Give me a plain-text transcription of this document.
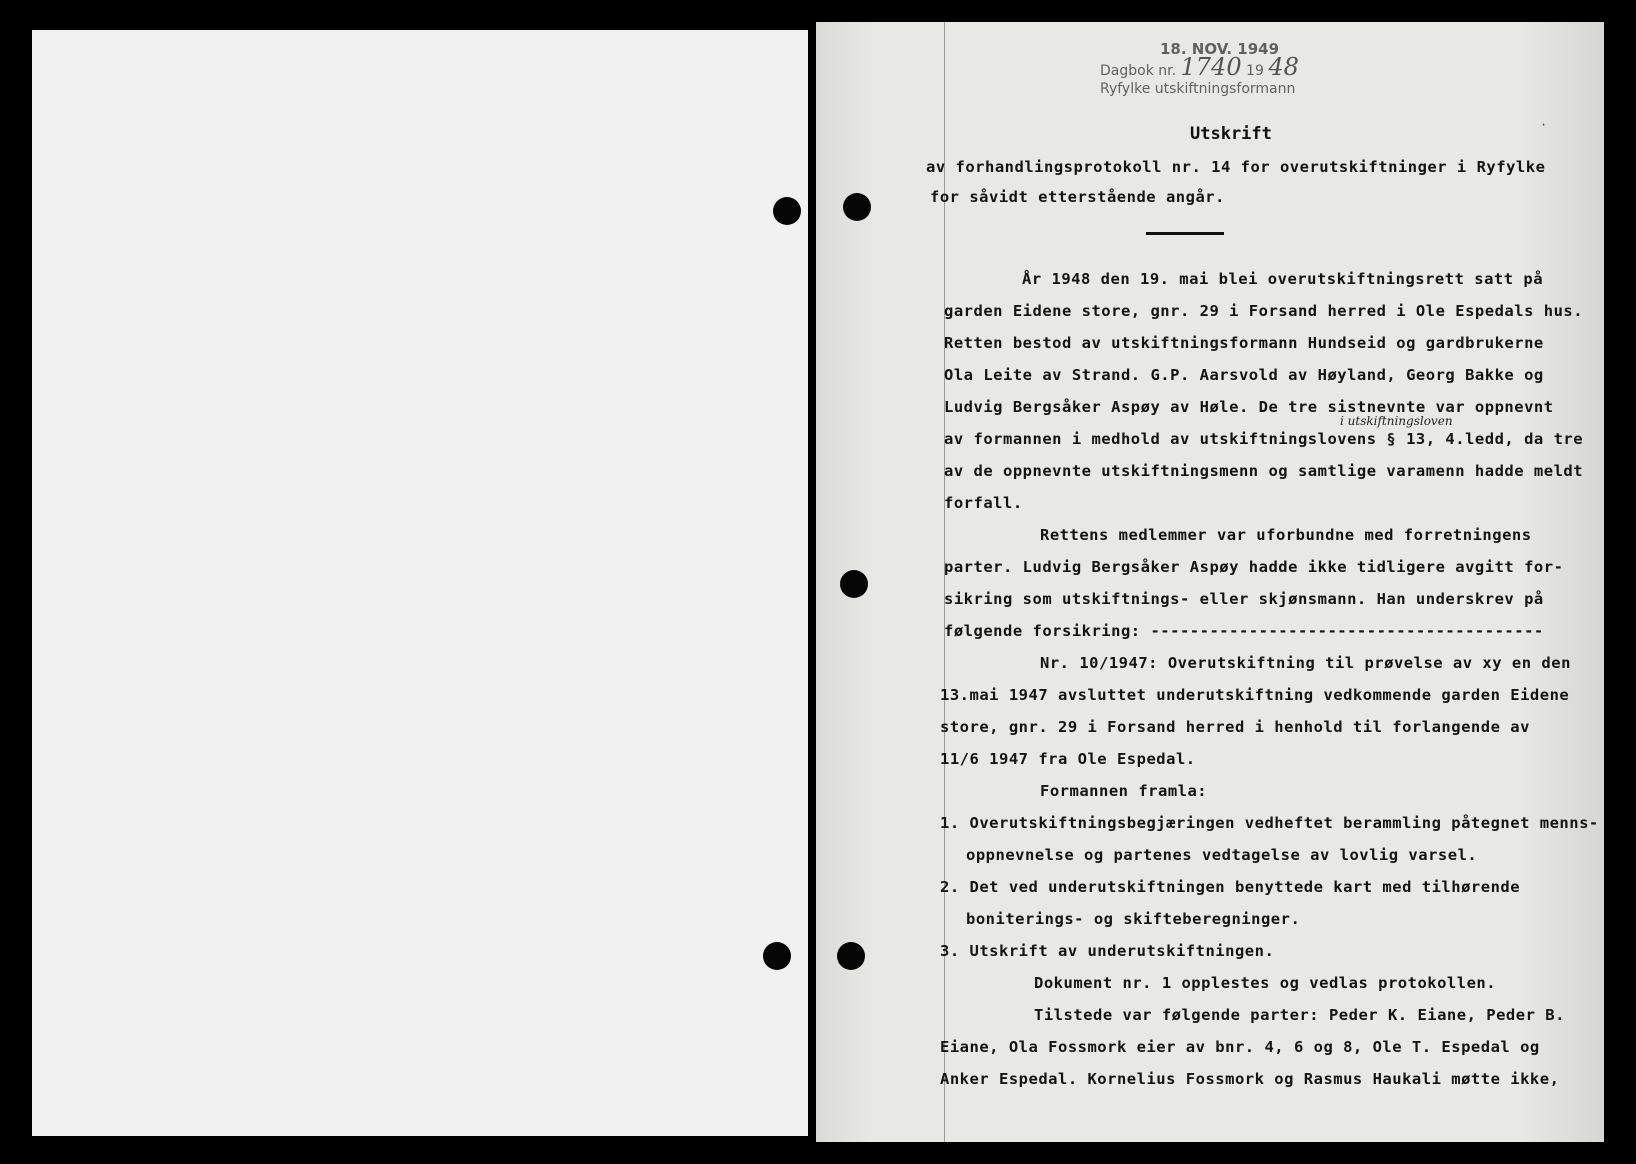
18. NOV. 1949
Dagbok nr. 1740 19 48
Ryfylke utskiftningsformann
·
Utskrift
av forhandlingsprotokoll nr. 14 for overutskiftninger i Ryfylke
for såvidt etterstående angår.
År 1948 den 19. mai blei overutskiftningsrett satt på
garden Eidene store, gnr. 29 i Forsand herred i Ole Espedals hus.
Retten bestod av utskiftningsformann Hundseid og gardbrukerne
Ola Leite av Strand. G.P. Aarsvold av Høyland, Georg Bakke og
Ludvig Bergsåker Aspøy av Høle. De tre sistnevnte var oppnevnt
i utskiftningsloven
av formannen i medhold av utskiftningslovens § 13, 4.ledd, da tre
av de oppnevnte utskiftningsmenn og samtlige varamenn hadde meldt
forfall.
Rettens medlemmer var uforbundne med forretningens
parter. Ludvig Bergsåker Aspøy hadde ikke tidligere avgitt for-
sikring som utskiftnings- eller skjønsmann. Han underskrev på
følgende forsikring: ----------------------------------------
Nr. 10/1947: Overutskiftning til prøvelse av xy en den
13.mai 1947 avsluttet underutskiftning vedkommende garden Eidene
store, gnr. 29 i Forsand herred i henhold til forlangende av
11/6 1947 fra Ole Espedal.
Formannen framla:
1. Overutskiftningsbegjæringen vedheftet berammling påtegnet menns-
oppnevnelse og partenes vedtagelse av lovlig varsel.
2. Det ved underutskiftningen benyttede kart med tilhørende
boniterings- og skifteberegninger.
3. Utskrift av underutskiftningen.
Dokument nr. 1 opplestes og vedlas protokollen.
Tilstede var følgende parter: Peder K. Eiane, Peder B.
Eiane, Ola Fossmork eier av bnr. 4, 6 og 8, Ole T. Espedal og
Anker Espedal. Kornelius Fossmork og Rasmus Haukali møtte ikke,
